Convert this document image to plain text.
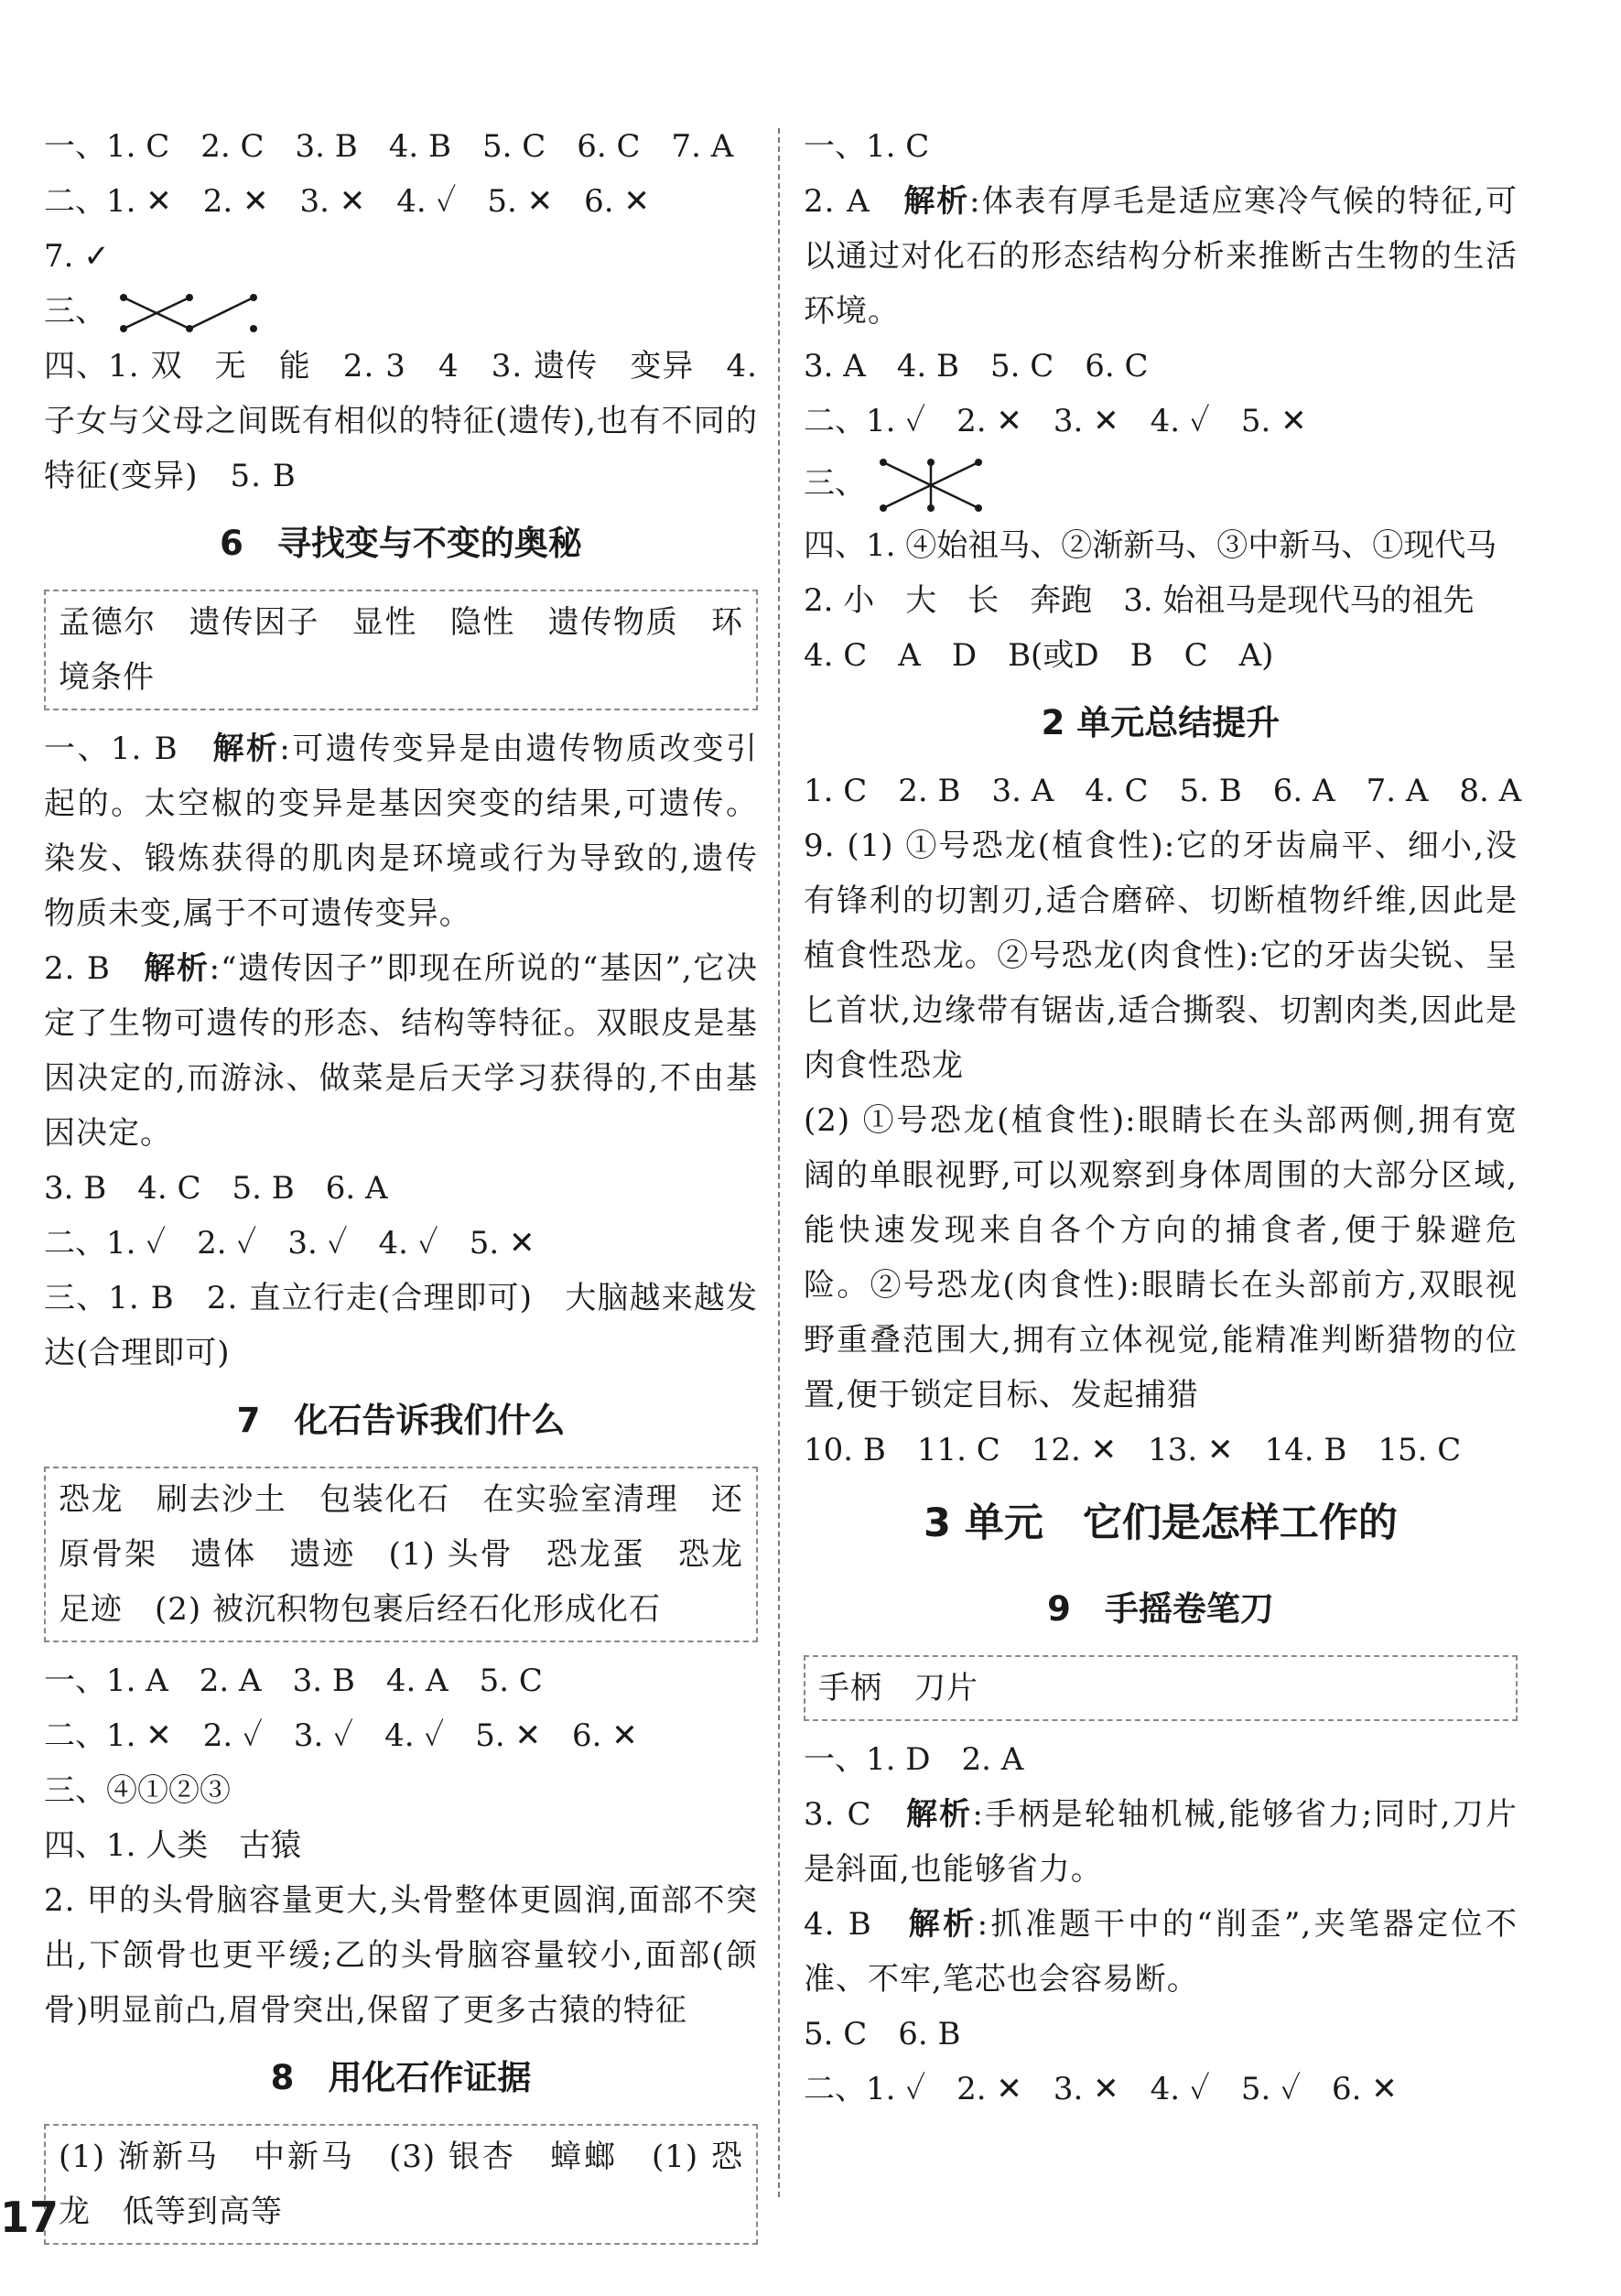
一、1. C　2. C　3. B　4. B　5. C　6. C　7. A
二、1. ✕　2. ✕　3. ✕　4. ✓　5. ✕　6. ✕
7. ✓
三、
四、1. 双　无　能　2. 3　4　3. 遗传　变异　4. 子女与父母之间既有相似的特征(遗传),也有不同的特征(变异)　5. B
6　寻找变与不变的奥秘
孟德尔　遗传因子　显性　隐性　遗传物质　环境条件
一、1. B　 解析:可遗传变异是由遗传物质改变引起的。太空椒的变异是基因突变的结果,可遗传。染发、锻炼获得的肌肉是环境或行为导致的,遗传物质未变,属于不可遗传变异。
2. B　 解析:“遗传因子”即现在所说的“基因”,它决定了生物可遗传的形态、结构等特征。双眼皮是基因决定的,而游泳、做菜是后天学习获得的,不由基因决定。
3. B　4. C　5. B　6. A
二、1. ✓　2. ✓　3. ✓　4. ✓　5. ✕
三、1. B　2. 直立行走(合理即可)　大脑越来越发达(合理即可)
7　化石告诉我们什么
恐龙　刷去沙土　包装化石　在实验室清理　还原骨架　遗体　遗迹　(1) 头骨　恐龙蛋　恐龙足迹　(2) 被沉积物包裹后经石化形成化石
一、1. A　2. A　3. B　4. A　5. C
二、1. ✕　2. ✓　3. ✓　4. ✓　5. ✕　6. ✕
三、④①②③
四、1. 人类　古猿
2. 甲的头骨脑容量更大,头骨整体更圆润,面部不突出,下颌骨也更平缓;乙的头骨脑容量较小,面部(颌骨)明显前凸,眉骨突出,保留了更多古猿的特征
8　用化石作证据
(1) 渐新马　中新马　(3) 银杏　蟑螂　(1) 恐龙　低等到高等
一、1. C
2. A　 解析:体表有厚毛是适应寒冷气候的特征,可以通过对化石的形态结构分析来推断古生物的生活环境。
3. A　4. B　5. C　6. C
二、1. ✓　2. ✕　3. ✕　4. ✓　5. ✕
三、
四、1. ④始祖马、②渐新马、③中新马、①现代马
2. 小　大　长　奔跑　3. 始祖马是现代马的祖先
4. C　A　D　B(或D　B　C　A)
2 单元总结提升
1. C　2. B　3. A　4. C　5. B　6. A　7. A　8. A
9. (1) ①号恐龙(植食性):它的牙齿扁平、细小,没有锋利的切割刃,适合磨碎、切断植物纤维,因此是植食性恐龙。②号恐龙(肉食性):它的牙齿尖锐、呈匕首状,边缘带有锯齿,适合撕裂、切割肉类,因此是肉食性恐龙
(2) ①号恐龙(植食性):眼睛长在头部两侧,拥有宽阔的单眼视野,可以观察到身体周围的大部分区域,能快速发现来自各个方向的捕食者,便于躲避危险。②号恐龙(肉食性):眼睛长在头部前方,双眼视野重叠范围大,拥有立体视觉,能精准判断猎物的位置,便于锁定目标、发起捕猎
10. B　11. C　12. ✕　13. ✕　14. B　15. C
3 单元　它们是怎样工作的
9　手摇卷笔刀
手柄　刀片
一、1. D　2. A
3. C　 解析:手柄是轮轴机械,能够省力;同时,刀片是斜面,也能够省力。
4. B　 解析:抓准题干中的“削歪”,夹笔器定位不准、不牢,笔芯也会容易断。
5. C　6. B
二、1. ✓　2. ✕　3. ✕　4. ✓　5. ✓　6. ✕
17
